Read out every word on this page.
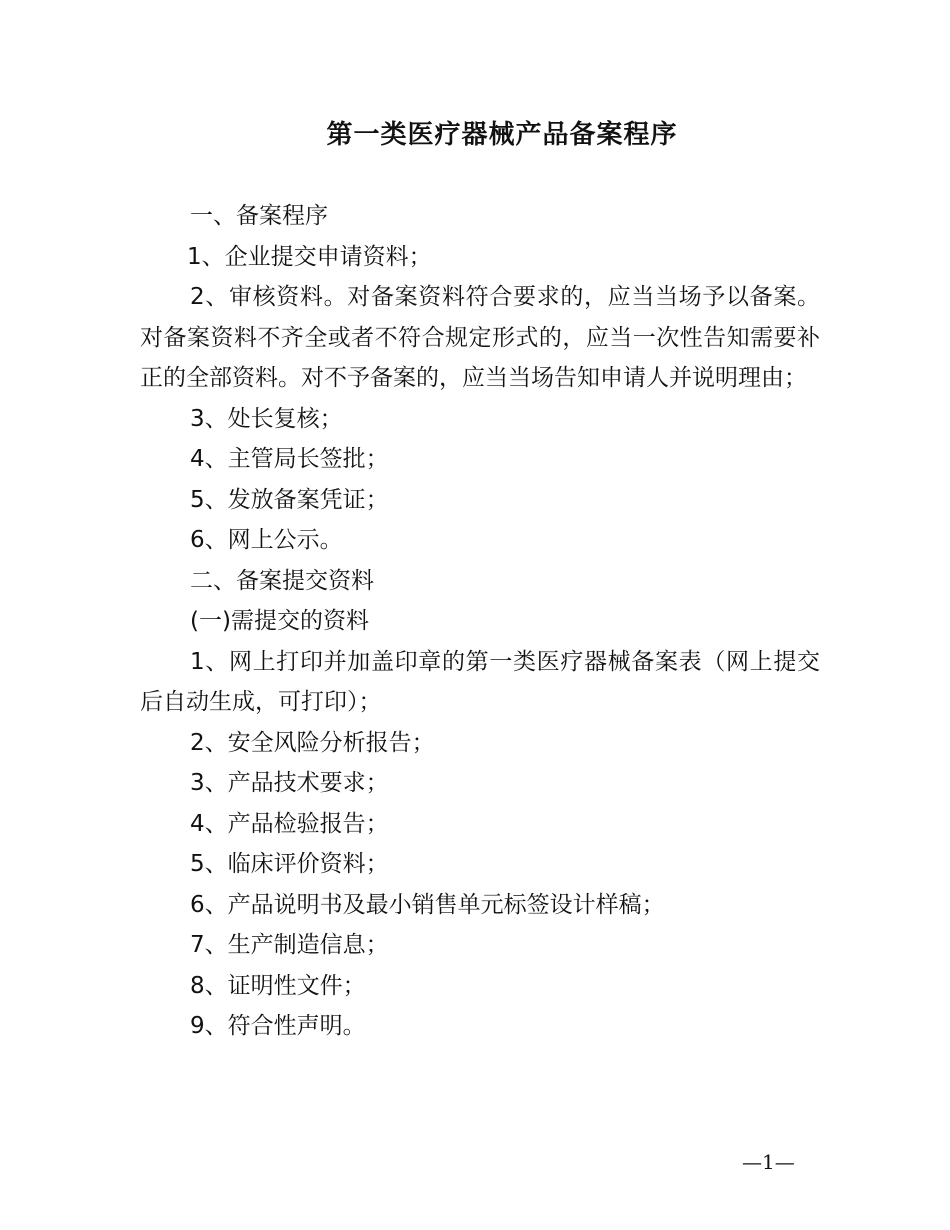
第一类医疗器械产品备案程序

一、备案程序

1、企业提交申请资料；

2、审核资料。对备案资料符合要求的，应当当场予以备案。对备案资料不齐全或者不符合规定形式的，应当一次性告知需要补正的全部资料。对不予备案的，应当当场告知申请人并说明理由；

3、处长复核；

4、主管局长签批；

5、发放备案凭证；

6、网上公示。

二、备案提交资料

(一)需提交的资料

1、网上打印并加盖印章的第一类医疗器械备案表（网上提交后自动生成，可打印）；

2、安全风险分析报告；

3、产品技术要求；

4、产品检验报告；

5、临床评价资料；

6、产品说明书及最小销售单元标签设计样稿；

7、生产制造信息；

8、证明性文件；

9、符合性声明。

—1—
